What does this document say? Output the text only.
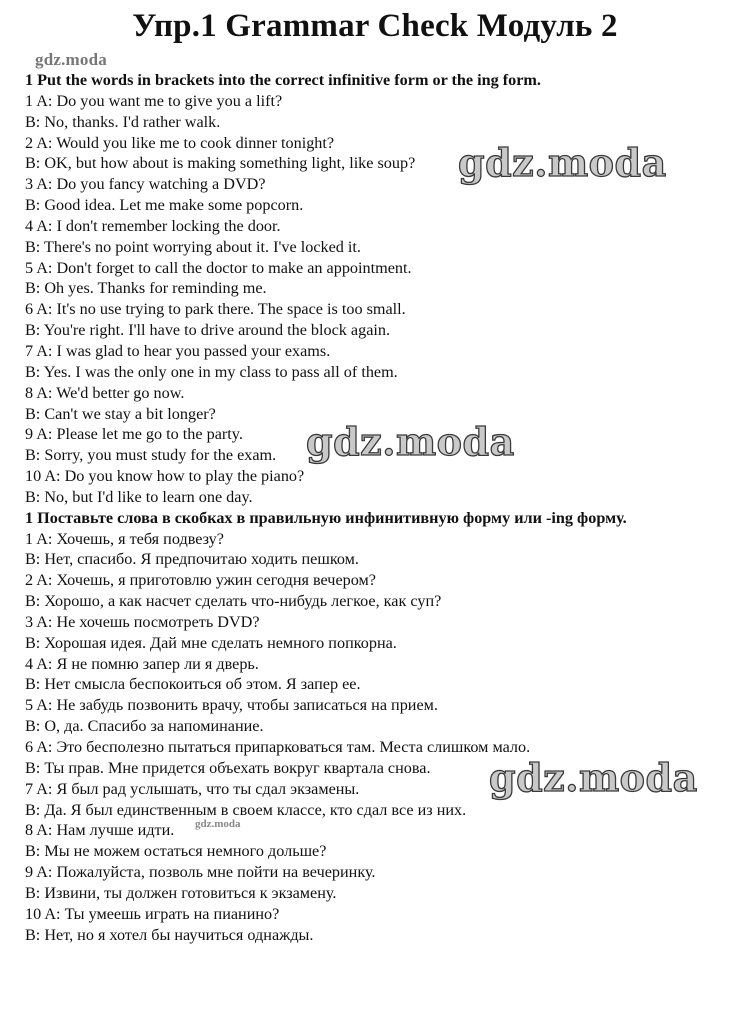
Упр.1 Grammar Check Модуль 2
gdz.moda
gdz.moda
gdz.moda
gdz.moda
gdz.moda
1 Put the words in brackets into the correct infinitive form or the ing form.
1 A: Do you want me to give you a lift?
B: No, thanks. I'd rather walk.
2 A: Would you like me to cook dinner tonight?
B: OK, but how about is making something light, like soup?
3 A: Do you fancy watching a DVD?
B: Good idea. Let me make some popcorn.
4 A: I don't remember locking the door.
B: There's no point worrying about it. I've locked it.
5 A: Don't forget to call the doctor to make an appointment.
B: Oh yes. Thanks for reminding me.
6 A: It's no use trying to park there. The space is too small.
B: You're right. I'll have to drive around the block again.
7 A: I was glad to hear you passed your exams.
B: Yes. I was the only one in my class to pass all of them.
8 A: We'd better go now.
B: Can't we stay a bit longer?
9 A: Please let me go to the party.
B: Sorry, you must study for the exam.
10 A: Do you know how to play the piano?
B: No, but I'd like to learn one day.
1 Поставьте слова в скобках в правильную инфинитивную форму или -ing форму.
1 A: Хочешь, я тебя подвезу?
B: Нет, спасибо. Я предпочитаю ходить пешком.
2 A: Хочешь, я приготовлю ужин сегодня вечером?
B: Хорошо, а как насчет сделать что-нибудь легкое, как суп?
3 A: Не хочешь посмотреть DVD?
B: Хорошая идея. Дай мне сделать немного попкорна.
4 A: Я не помню запер ли я дверь.
B: Нет смысла беспокоиться об этом. Я запер ее.
5 A: Не забудь позвонить врачу, чтобы записаться на прием.
B: О, да. Спасибо за напоминание.
6 A: Это бесполезно пытаться припарковаться там. Места слишком мало.
B: Ты прав. Мне придется объехать вокруг квартала снова.
7 A: Я был рад услышать, что ты сдал экзамены.
B: Да. Я был единственным в своем классе, кто сдал все из них.
8 A: Нам лучше идти.
B: Мы не можем остаться немного дольше?
9 A: Пожалуйста, позволь мне пойти на вечеринку.
B: Извини, ты должен готовиться к экзамену.
10 A: Ты умеешь играть на пианино?
B: Нет, но я хотел бы научиться однажды.
